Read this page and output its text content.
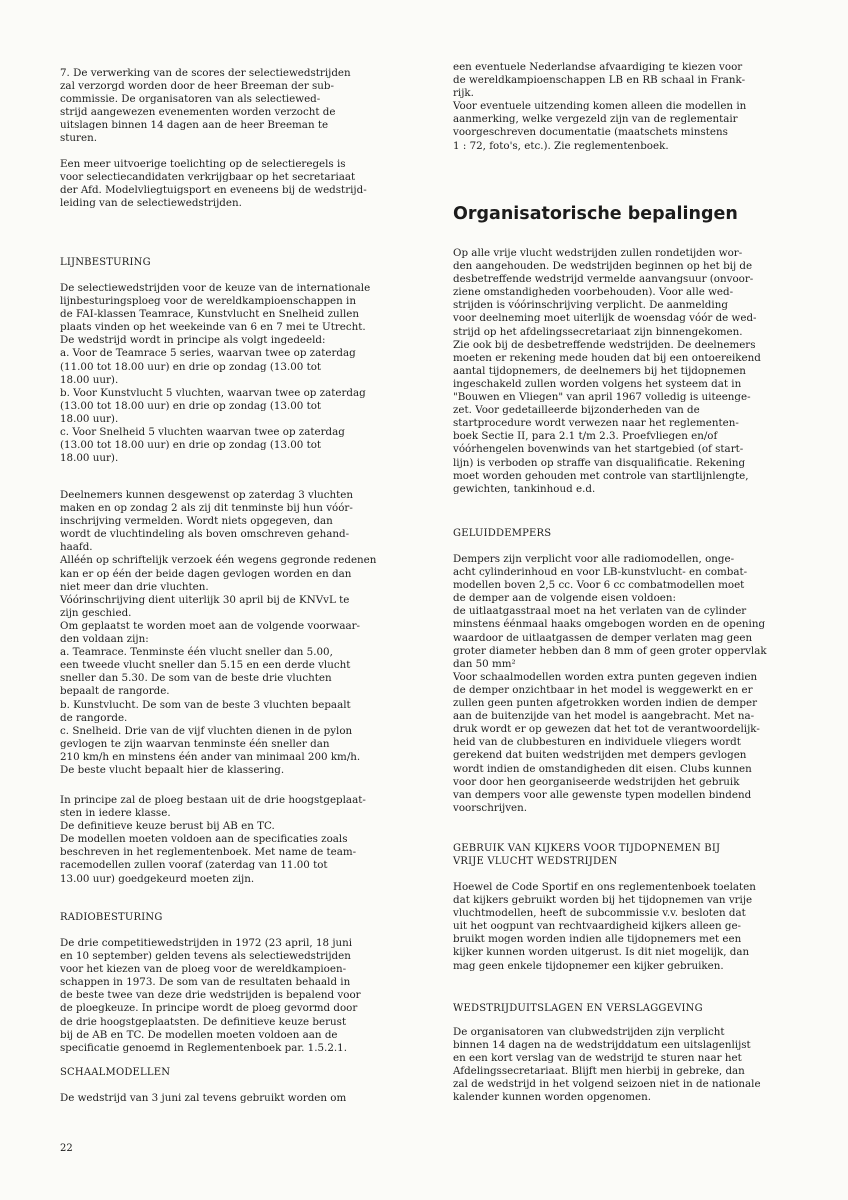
7. De verwerking van de scores der selectiewedstrijden
zal verzorgd worden door de heer Breeman der sub-
commissie. De organisatoren van als selectiewed-
strijd aangewezen evenementen worden verzocht de
uitslagen binnen 14 dagen aan de heer Breeman te
sturen.

Een meer uitvoerige toelichting op de selectieregels is
voor selectiecandidaten verkrijgbaar op het secretariaat
der Afd. Modelvliegtuigsport en eveneens bij de wedstrijd-
leiding van de selectiewedstrijden.

LIJNBESTURING

De selectiewedstrijden voor de keuze van de internationale
lijnbesturingsploeg voor de wereldkampioenschappen in
de FAI-klassen Teamrace, Kunstvlucht en Snelheid zullen
plaats vinden op het weekeinde van 6 en 7 mei te Utrecht.
De wedstrijd wordt in principe als volgt ingedeeld:
a. Voor de Teamrace 5 series, waarvan twee op zaterdag
(11.00 tot 18.00 uur) en drie op zondag (13.00 tot
18.00 uur).
b. Voor Kunstvlucht 5 vluchten, waarvan twee op zaterdag
(13.00 tot 18.00 uur) en drie op zondag (13.00 tot
18.00 uur).
c. Voor Snelheid 5 vluchten waarvan twee op zaterdag
(13.00 tot 18.00 uur) en drie op zondag (13.00 tot
18.00 uur).

Deelnemers kunnen desgewenst op zaterdag 3 vluchten
maken en op zondag 2 als zij dit tenminste bij hun vóór-
inschrijving vermelden. Wordt niets opgegeven, dan
wordt de vluchtindeling als boven omschreven gehand-
haafd.
Alléén op schriftelijk verzoek één wegens gegronde redenen
kan er op één der beide dagen gevlogen worden en dan
niet meer dan drie vluchten.
Vóórinschrijving dient uiterlijk 30 april bij de KNVvL te
zijn geschied.
Om geplaatst te worden moet aan de volgende voorwaar-
den voldaan zijn:
a. Teamrace. Tenminste één vlucht sneller dan 5.00,
een tweede vlucht sneller dan 5.15 en een derde vlucht
sneller dan 5.30. De som van de beste drie vluchten
bepaalt de rangorde.
b. Kunstvlucht. De som van de beste 3 vluchten bepaalt
de rangorde.
c. Snelheid. Drie van de vijf vluchten dienen in de pylon
gevlogen te zijn waarvan tenminste één sneller dan
210 km/h en minstens één ander van minimaal 200 km/h.
De beste vlucht bepaalt hier de klassering.

In principe zal de ploeg bestaan uit de drie hoogstgeplaat-
sten in iedere klasse.
De definitieve keuze berust bij AB en TC.
De modellen moeten voldoen aan de specificaties zoals
beschreven in het reglementenboek. Met name de team-
racemodellen zullen vooraf (zaterdag van 11.00 tot
13.00 uur) goedgekeurd moeten zijn.

RADIOBESTURING

De drie competitiewedstrijden in 1972 (23 april, 18 juni
en 10 september) gelden tevens als selectiewedstrijden
voor het kiezen van de ploeg voor de wereldkampioen-
schappen in 1973. De som van de resultaten behaald in
de beste twee van deze drie wedstrijden is bepalend voor
de ploegkeuze. In principe wordt de ploeg gevormd door
de drie hoogstgeplaatsten. De definitieve keuze berust
bij de AB en TC. De modellen moeten voldoen aan de
specificatie genoemd in Reglementenboek par. 1.5.2.1.

SCHAALMODELLEN

De wedstrijd van 3 juni zal tevens gebruikt worden om

een eventuele Nederlandse afvaardiging te kiezen voor
de wereldkampioenschappen LB en RB schaal in Frank-
rijk.
Voor eventuele uitzending komen alleen die modellen in
aanmerking, welke vergezeld zijn van de reglementair
voorgeschreven documentatie (maatschets minstens
1 : 72, foto's, etc.). Zie reglementenboek.

Organisatorische bepalingen

Op alle vrije vlucht wedstrijden zullen rondetijden wor-
den aangehouden. De wedstrijden beginnen op het bij de
desbetreffende wedstrijd vermelde aanvangsuur (onvoor-
ziene omstandigheden voorbehouden). Voor alle wed-
strijden is vóórinschrijving verplicht. De aanmelding
voor deelneming moet uiterlijk de woensdag vóór de wed-
strijd op het afdelingssecretariaat zijn binnengekomen.
Zie ook bij de desbetreffende wedstrijden. De deelnemers
moeten er rekening mede houden dat bij een ontoereikend
aantal tijdopnemers, de deelnemers bij het tijdopnemen
ingeschakeld zullen worden volgens het systeem dat in
"Bouwen en Vliegen" van april 1967 volledig is uiteenge-
zet. Voor gedetailleerde bijzonderheden van de
startprocedure wordt verwezen naar het reglementen-
boek Sectie II, para 2.1 t/m 2.3. Proefvliegen en/of
vóórhengelen bovenwinds van het startgebied (of start-
lijn) is verboden op straffe van disqualificatie. Rekening
moet worden gehouden met controle van startlijnlengte,
gewichten, tankinhoud e.d.

GELUIDDEMPERS

Dempers zijn verplicht voor alle radiomodellen, onge-
acht cylinderinhoud en voor LB-kunstvlucht- en combat-
modellen boven 2,5 cc. Voor 6 cc combatmodellen moet
de demper aan de volgende eisen voldoen:
de uitlaatgasstraal moet na het verlaten van de cylinder
minstens éénmaal haaks omgebogen worden en de opening
waardoor de uitlaatgassen de demper verlaten mag geen
groter diameter hebben dan 8 mm of geen groter oppervlak
dan 50 mm²
Voor schaalmodellen worden extra punten gegeven indien
de demper onzichtbaar in het model is weggewerkt en er
zullen geen punten afgetrokken worden indien de demper
aan de buitenzijde van het model is aangebracht. Met na-
druk wordt er op gewezen dat het tot de verantwoordelijk-
heid van de clubbesturen en individuele vliegers wordt
gerekend dat buiten wedstrijden met dempers gevlogen
wordt indien de omstandigheden dit eisen. Clubs kunnen
voor door hen georganiseerde wedstrijden het gebruik
van dempers voor alle gewenste typen modellen bindend
voorschrijven.

GEBRUIK VAN KIJKERS VOOR TIJDOPNEMEN BIJ
VRIJE VLUCHT WEDSTRIJDEN

Hoewel de Code Sportif en ons reglementenboek toelaten
dat kijkers gebruikt worden bij het tijdopnemen van vrije
vluchtmodellen, heeft de subcommissie v.v. besloten dat
uit het oogpunt van rechtvaardigheid kijkers alleen ge-
bruikt mogen worden indien alle tijdopnemers met een
kijker kunnen worden uitgerust. Is dit niet mogelijk, dan
mag geen enkele tijdopnemer een kijker gebruiken.

WEDSTRIJDUITSLAGEN EN VERSLAGGEVING

De organisatoren van clubwedstrijden zijn verplicht
binnen 14 dagen na de wedstrijddatum een uitslagenlijst
en een kort verslag van de wedstrijd te sturen naar het
Afdelingssecretariaat. Blijft men hierbij in gebreke, dan
zal de wedstrijd in het volgend seizoen niet in de nationale
kalender kunnen worden opgenomen.

22
